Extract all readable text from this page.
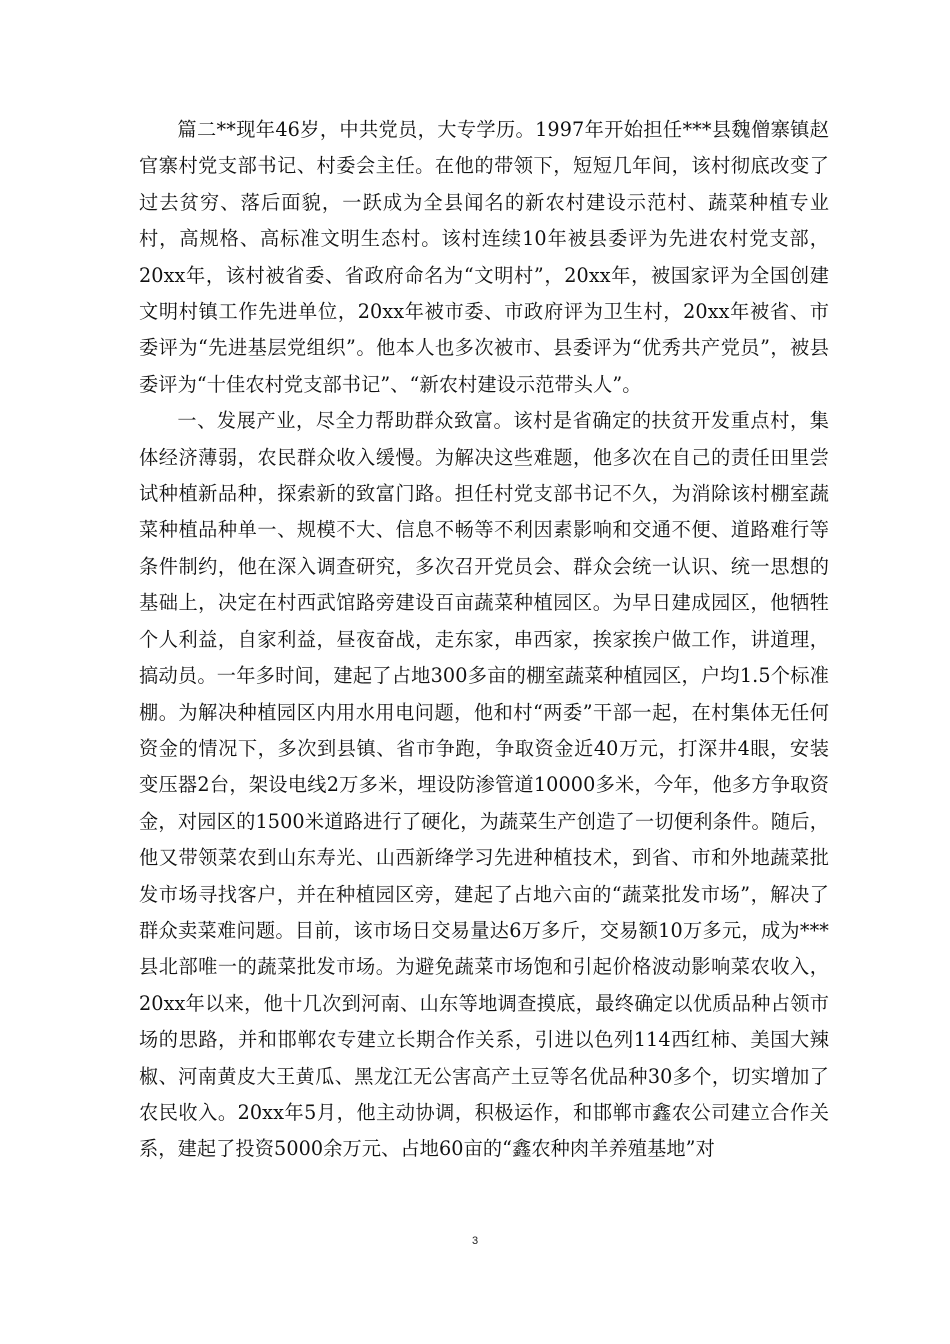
篇二**现年46岁，中共党员，大专学历。1997年开始担任***县魏僧寨镇赵官寨村党支部书记、村委会主任。在他的带领下，短短几年间，该村彻底改变了过去贫穷、落后面貌，一跃成为全县闻名的新农村建设示范村、蔬菜种植专业村，高规格、高标准文明生态村。该村连续10年被县委评为先进农村党支部，20xx年，该村被省委、省政府命名为“文明村”，20xx年，被国家评为全国创建文明村镇工作先进单位，20xx年被市委、市政府评为卫生村，20xx年被省、市委评为“先进基层党组织”。他本人也多次被市、县委评为“优秀共产党员”，被县委评为“十佳农村党支部书记”、“新农村建设示范带头人”。

一、发展产业，尽全力帮助群众致富。该村是省确定的扶贫开发重点村，集体经济薄弱，农民群众收入缓慢。为解决这些难题，他多次在自己的责任田里尝试种植新品种，探索新的致富门路。担任村党支部书记不久，为消除该村棚室蔬菜种植品种单一、规模不大、信息不畅等不利因素影响和交通不便、道路难行等条件制约，他在深入调查研究，多次召开党员会、群众会统一认识、统一思想的基础上，决定在村西武馆路旁建设百亩蔬菜种植园区。为早日建成园区，他牺牲个人利益，自家利益，昼夜奋战，走东家，串西家，挨家挨户做工作，讲道理，搞动员。一年多时间，建起了占地300多亩的棚室蔬菜种植园区，户均1.5个标准棚。为解决种植园区内用水用电问题，他和村“两委”干部一起，在村集体无任何资金的情况下，多次到县镇、省市争跑，争取资金近40万元，打深井4眼，安装变压器2台，架设电线2万多米，埋设防渗管道10000多米，今年，他多方争取资金，对园区的1500米道路进行了硬化，为蔬菜生产创造了一切便利条件。随后，他又带领菜农到山东寿光、山西新绛学习先进种植技术，到省、市和外地蔬菜批发市场寻找客户，并在种植园区旁，建起了占地六亩的“蔬菜批发市场”，解决了群众卖菜难问题。目前，该市场日交易量达6万多斤，交易额10万多元，成为***县北部唯一的蔬菜批发市场。为避免蔬菜市场饱和引起价格波动影响菜农收入，20xx年以来，他十几次到河南、山东等地调查摸底，最终确定以优质品种占领市场的思路，并和邯郸农专建立长期合作关系，引进以色列114西红柿、美国大辣椒、河南黄皮大王黄瓜、黑龙江无公害高产土豆等名优品种30多个，切实增加了农民收入。20xx年5月，他主动协调，积极运作，和邯郸市鑫农公司建立合作关系，建起了投资5000余万元、占地60亩的“鑫农种肉羊养殖基地”对

3
